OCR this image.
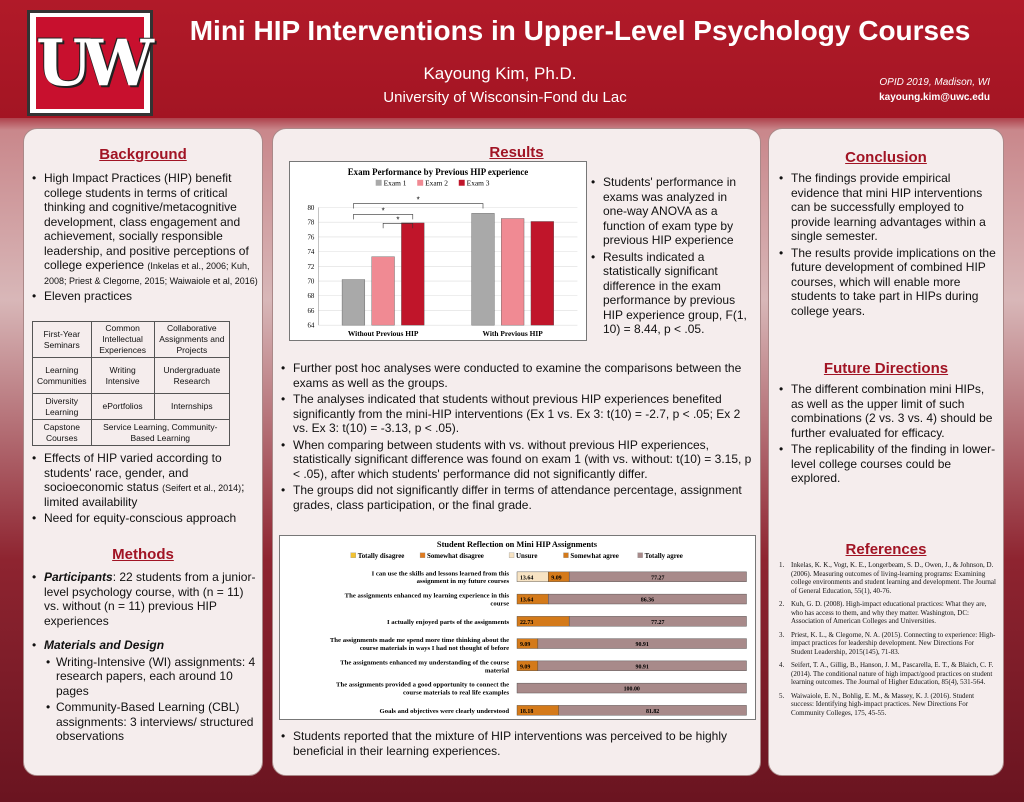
UW	Mini HIP Interventions in Upper-Level Psychology Courses
Kayoung Kim, Ph.D.
University of Wisconsin-Fond du Lac
OPID 2019, Madison, WI
kayoung.kim@uwc.edu
Background
• High Impact Practices (HIP) benefit college students in terms of critical thinking and cognitive/metacognitive development, class engagement and achievement, socially responsible leadership, and positive perceptions of college experience (Inkelas et al., 2006; Kuh, 2008; Priest & Clegorne, 2015; Waiwaiole et al, 2016)
• Eleven practices
First-Year Seminars	Common Intellectual Experiences	Collaborative Assignments and Projects
Learning Communities	Writing Intensive	Undergraduate Research
Diversity Learning	ePortfolios	Internships
Capstone Courses	Service Learning, Community-Based Learning	
• Effects of HIP varied according to students' race, gender, and socioeconomic status (Seifert et al., 2014); limited availability
• Need for equity-conscious approach
Methods
• Participants: 22 students from a junior-level psychology course, with (n = 11) vs. without (n = 11) previous HIP experiences
• Materials and Design
• Writing-Intensive (WI) assignments: 4 research papers, each around 10 pages
• Community-Based Learning (CBL) assignments: 3 interviews/ structured observations
Results
Exam Performance by Previous HIP experience
Exam 1 Exam 2 Exam 3
64
66
68
70
72
74
76
78
80
*
*
*
Without Previous HIP	With Previous HIP
• Students' performance in exams was analyzed in one-way ANOVA as a function of exam type by previous HIP experience
• Results indicated a statistically significant difference in the exam performance by previous HIP experience group, F(1, 10) = 8.44, p < .05.
• Further post hoc analyses were conducted to examine the comparisons between the exams as well as the groups.
• The analyses indicated that students without previous HIP experiences benefited significantly from the mini-HIP interventions (Ex 1 vs. Ex 3: t(10) = -2.7, p < .05; Ex 2 vs. Ex 3: t(10) = -3.13, p < .05).
• When comparing between students with vs. without previous HIP experiences, statistically significant difference was found on exam 1 (with vs. without: t(10) = 3.15, p < .05), after which students' performance did not significantly differ.
• The groups did not significantly differ in terms of attendance percentage, assignment grades, class participation, or the final grade.
Student Reflection on Mini HIP Assignments
Totally disagree	Somewhat disagree	Unsure	Somewhat agree	Totally agree
I can use the skills and lessons learned from this
assignment in my future courses 13.64	9.09	77.27
The assignments enhanced my learning experience in this
course 13.64	86.36
I actually enjoyed parts of the assignments 22.73	77.27
The assignments made me spend more time thinking about the
course materials in ways I had not thought of before 9.09	90.91
The assignments enhanced my understanding of the course
material 9.09	90.91
The assignments provided a good opportunity to connect the
course materials to real life examples	100.00
Goals and objectives were clearly understood 18.18	81.82
• Students reported that the mixture of HIP interventions was perceived to be highly beneficial in their learning experiences.
Conclusion
• The findings provide empirical evidence that mini HIP interventions can be successfully employed to provide learning advantages within a single semester.
• The results provide implications on the future development of combined HIP courses, which will enable more students to take part in HIPs during college years.
Future Directions
• The different combination mini HIPs, as well as the upper limit of such combinations (2 vs. 3 vs. 4) should be further evaluated for efficacy.
• The replicability of the finding in lower-level college courses could be explored.
References
1. Inkelas, K. K., Vogt, K. E., Longerbeam, S. D., Owen, J., & Johnson, D. (2006). Measuring outcomes of living-learning programs: Examining college environments and student learning and development. The Journal of General Education, 55(1), 40-76.
2. Kuh, G. D. (2008). High-impact educational practices: What they are, who has access to them, and why they matter. Washington, DC: Association of American Colleges and Universities.
3. Priest, K. L., & Clegorne, N. A. (2015). Connecting to experience: High-impact practices for leadership development. New Directions For Student Leadership, 2015(145), 71-83.
4. Seifert, T. A., Gillig, B., Hanson, J. M., Pascarella, E. T., & Blaich, C. F. (2014). The conditional nature of high impact/good practices on student learning outcomes. The Journal of Higher Education, 85(4), 531-564.
5. Waiwaiole, E. N., Bohlig, E. M., & Massey, K. J. (2016). Student success: Identifying high-impact practices. New Directions For Community Colleges, 175, 45-55.
